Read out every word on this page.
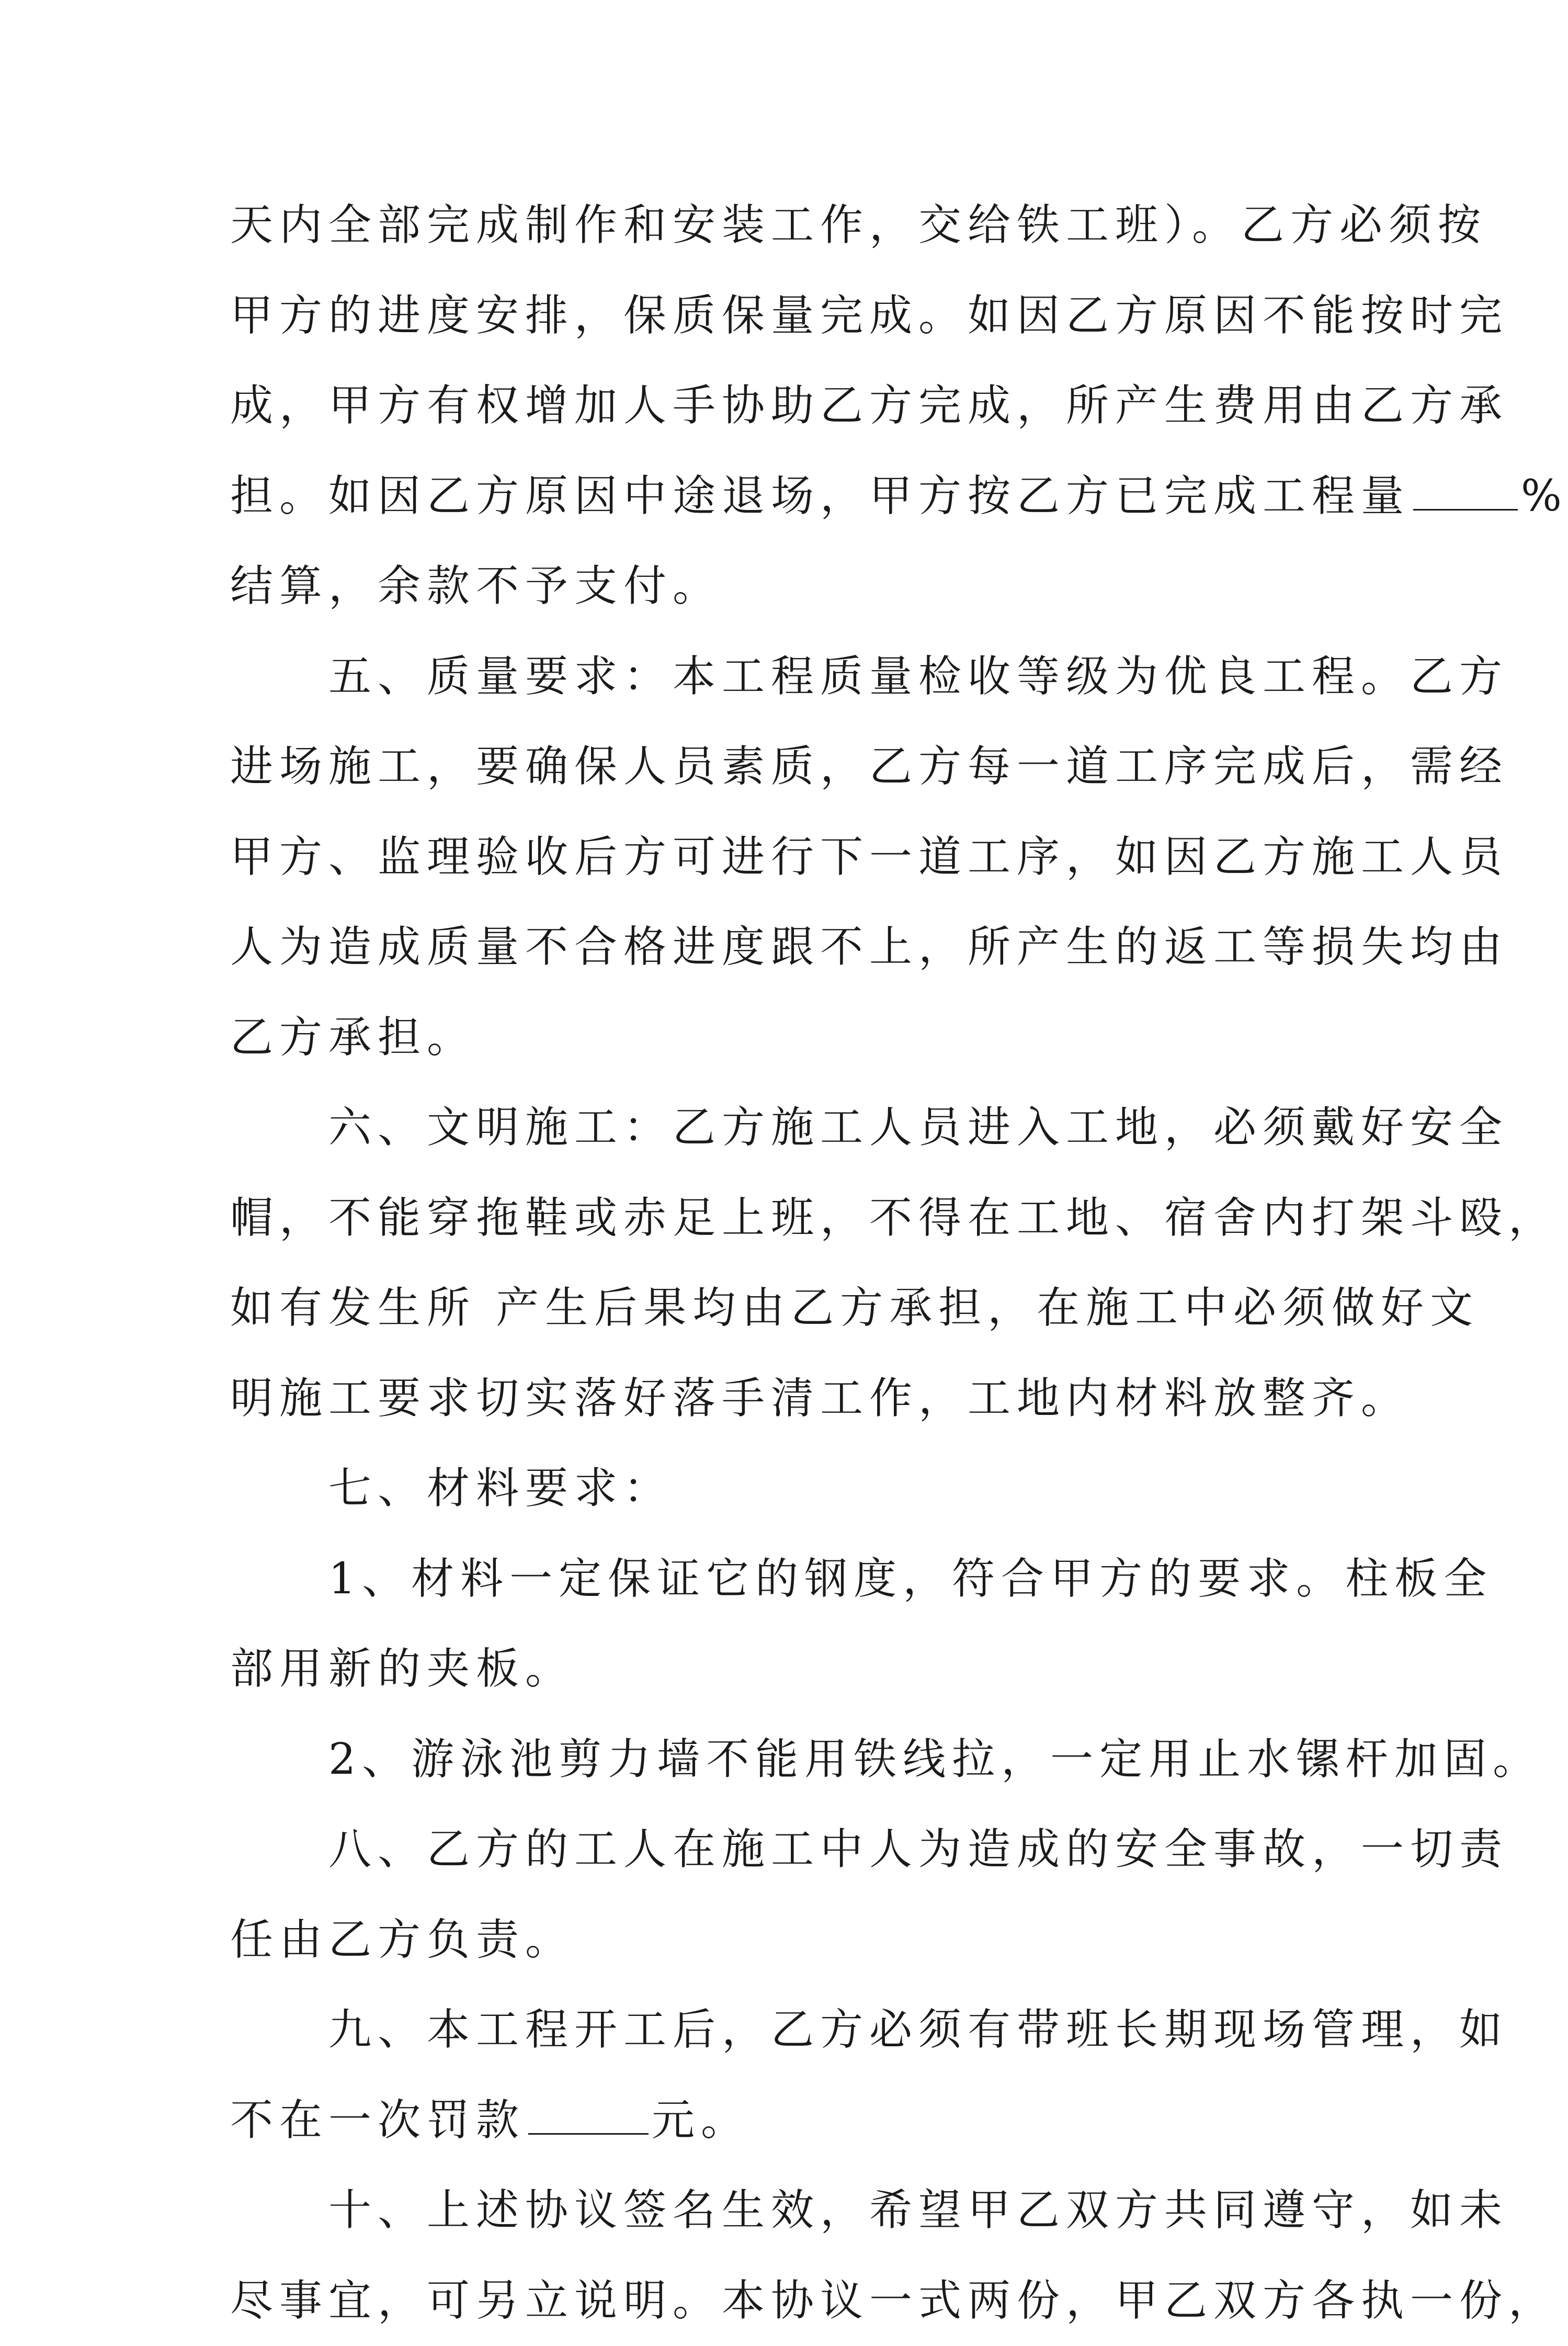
天内全部完成制作和安装工作，交给铁工班）。乙方必须按
甲方的进度安排，保质保量完成。如因乙方原因不能按时完
成，甲方有权增加人手协助乙方完成，所产生费用由乙方承
担。如因乙方原因中途退场，甲方按乙方已完成工程量	%
结算，余款不予支付。
五、质量要求：本工程质量检收等级为优良工程。乙方
进场施工，要确保人员素质，乙方每一道工序完成后，需经
甲方、监理验收后方可进行下一道工序，如因乙方施工人员
人为造成质量不合格进度跟不上，所产生的返工等损失均由
乙方承担。
六、文明施工：乙方施工人员进入工地，必须戴好安全
帽，不能穿拖鞋或赤足上班，不得在工地、宿舍内打架斗殴，
如有发生所 产生后果均由乙方承担，在施工中必须做好文
明施工要求切实落好落手清工作，工地内材料放整齐。
七、材料要求：
1、材料一定保证它的钢度，符合甲方的要求。柱板全
部用新的夹板。
2、游泳池剪力墙不能用铁线拉，一定用止水镙杆加固。
八、乙方的工人在施工中人为造成的安全事故，一切责
任由乙方负责。
九、本工程开工后，乙方必须有带班长期现场管理，如
不在一次罚款	元。
十、上述协议签名生效，希望甲乙双方共同遵守，如未
尽事宜，可另立说明。本协议一式两份，甲乙双方各执一份，
